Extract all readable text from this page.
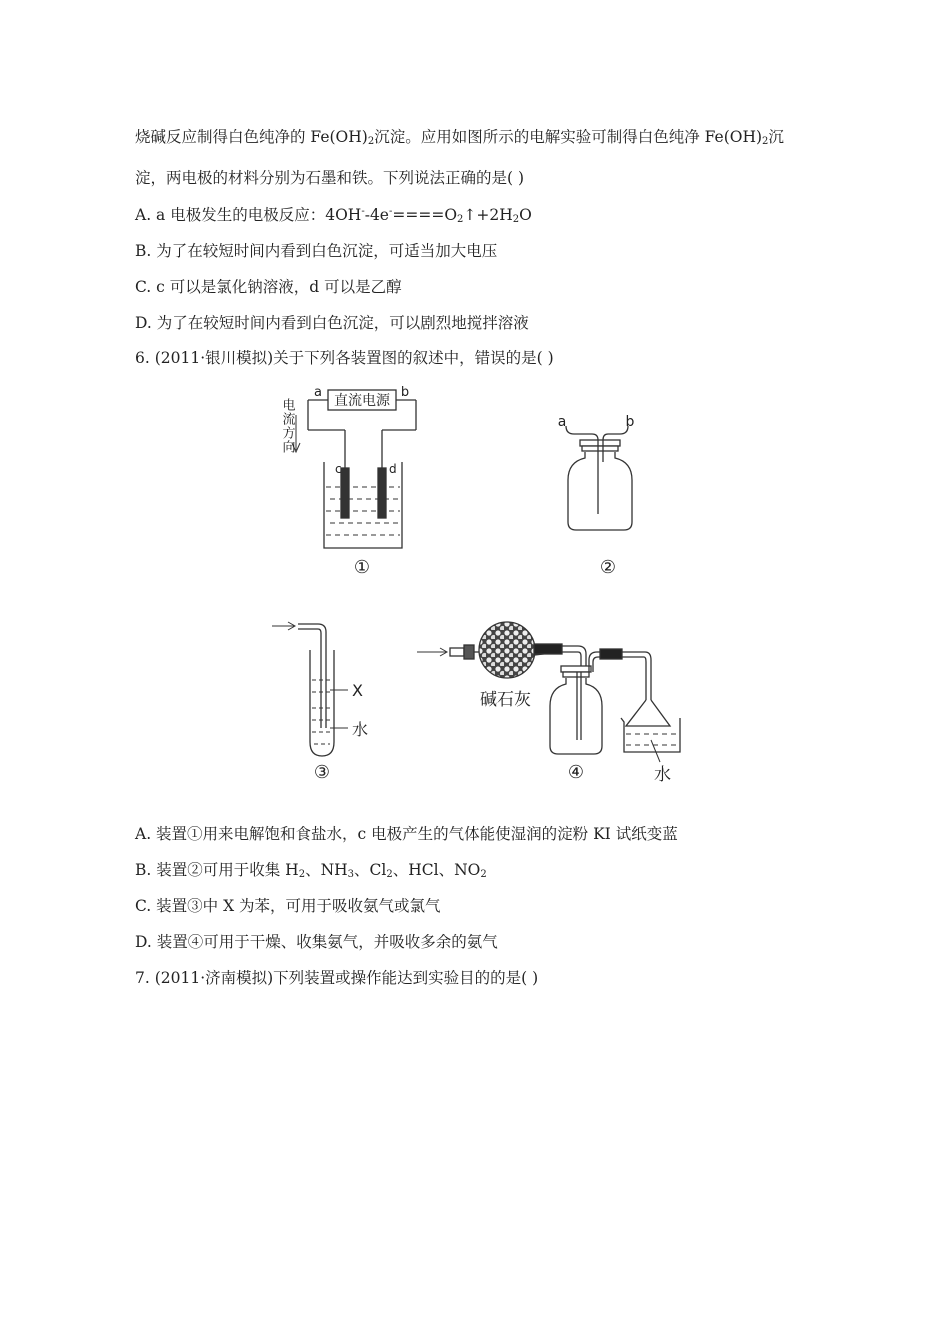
烧碱反应制得白色纯净的 $Fe(OH)_2$沉淀。应用如图所示的电解实验可制得白色纯净 $Fe(OH)_2$沉
淀，两电极的材料分别为石墨和铁。下列说法正确的是( )
A. a 电极发生的电极反应：$4OH^--4e^-====O_2↑+2H_2O$
B. 为了在较短时间内看到白色沉淀，可适当加大电压
C. c 可以是氯化钠溶液，d 可以是乙醇
D. 为了在较短时间内看到白色沉淀，可以剧烈地搅拌溶液
6. (2011·银川模拟)关于下列各装置图的叙述中，错误的是( )
直流电源
a	b
电流方向
c	d
①
a	b
②
X
水
③
碱石灰
水
④
A. 装置①用来电解饱和食盐水，c 电极产生的气体能使湿润的淀粉 KI 试纸变蓝
B. 装置②可用于收集 $H_2$、$NH_3$、$Cl_2$、HCl、$NO_2$
C. 装置③中 X 为苯，可用于吸收氨气或氯气
D. 装置④可用于干燥、收集氨气，并吸收多余的氨气
7. (2011·济南模拟)下列装置或操作能达到实验目的的是( )
